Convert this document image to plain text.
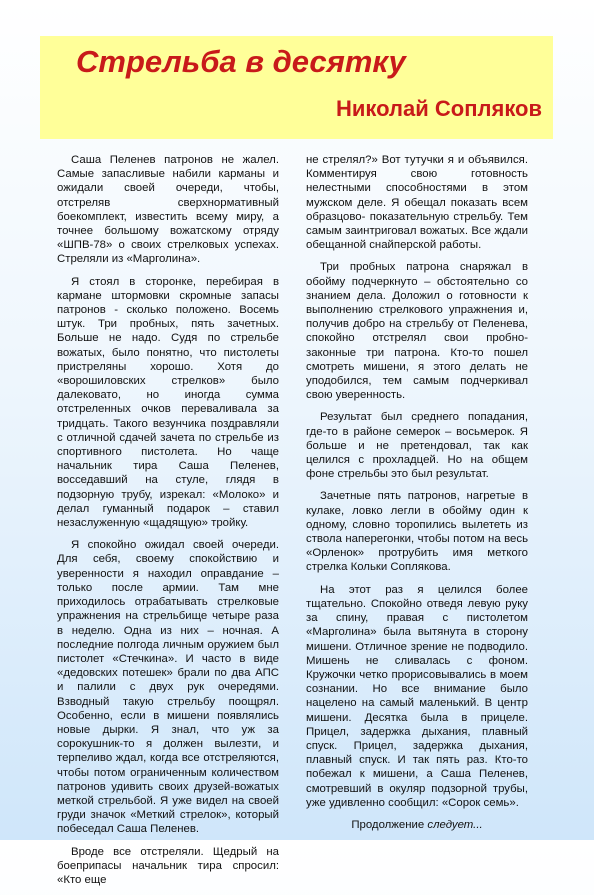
Стрельба в десятку
Николай Сопляков

Саша Пеленев патронов не жалел. Самые запасливые набили карманы и ожидали своей очереди, чтобы, отстреляв сверхнормативный боекомплект, известить всему миру, а точнее большому вожатскому отряду «ШПВ-78» о своих стрелковых успехах. Стреляли из «Марголина».

Я стоял в сторонке, перебирая в кармане штормовки скромные запасы патронов - сколько положено. Восемь штук. Три пробных, пять зачетных. Больше не надо. Судя по стрельбе вожатых, было понятно, что пистолеты пристреляны хорошо. Хотя до «ворошиловских стрелков» было далековато, но иногда сумма отстреленных очков переваливала за тридцать. Такого везунчика поздравляли с отличной сдачей зачета по стрельбе из спортивного пистолета. Но чаще начальник тира Саша Пеленев, восседавший на стуле, глядя в подзорную трубу, изрекал: «Молоко» и делал гуманный подарок – ставил незаслуженную «щадящую» тройку.

Я спокойно ожидал своей очереди. Для себя, своему спокойствию и уверенности я находил оправдание – только после армии. Там мне приходилось отрабатывать стрелковые упражнения на стрельбище четыре раза в неделю. Одна из них – ночная. А последние полгода личным оружием был пистолет «Стечкина». И часто в виде «дедовских потешек» брали по два АПС и палили с двух рук очередями. Взводный такую стрельбу поощрял. Особенно, если в мишени появлялись новые дырки. Я знал, что уж за сорокушник-то я должен вылезти, и терпеливо ждал, когда все отстреляются, чтобы потом ограниченным количеством патронов удивить своих друзей-вожатых меткой стрельбой. Я уже видел на своей груди значок «Меткий стрелок», который побеседал Саша Пеленев.

Вроде все отстреляли. Щедрый на боеприпасы начальник тира спросил: «Кто еще

не стрелял?» Вот тутучки я и объявился. Комментируя свою готовность нелестными способностями в этом мужском деле. Я обещал показать всем образцово- показательную стрельбу. Тем самым заинтриговал вожатых. Все ждали обещанной снайперской работы.

Три пробных патрона снаряжал в обойму подчеркнуто – обстоятельно со знанием дела. Доложил о готовности к выполнению стрелкового упражнения и, получив добро на стрельбу от Пеленева, спокойно отстрелял свои пробно- законные три патрона. Кто-то пошел смотреть мишени, я этого делать не уподобился, тем самым подчеркивал свою уверенность.

Результат был среднего попадания, где-то в районе семерок – восьмерок. Я больше и не претендовал, так как целился с прохладцей. Но на общем фоне стрельбы это был результат.

Зачетные пять патронов, нагретые в кулаке, ловко легли в обойму один к одному, словно торопились вылететь из ствола наперегонки, чтобы потом на весь «Орленок» протрубить имя меткого стрелка Кольки Соплякова.

На этот раз я целился более тщательно. Спокойно отведя левую руку за спину, правая с пистолетом «Марголина» была вытянута в сторону мишени. Отличное зрение не подводило. Мишень не сливалась с фоном. Кружочки четко прорисовывались в моем сознании. Но все внимание было нацелено на самый маленький. В центр мишени. Десятка была в прицеле. Прицел, задержка дыхания, плавный спуск. Прицел, задержка дыхания, плавный спуск. И так пять раз. Кто-то побежал к мишени, а Саша Пеленев, смотревший в окуляр подзорной трубы, уже удивленно сообщил: «Сорок семь».

Продолжение следует...
